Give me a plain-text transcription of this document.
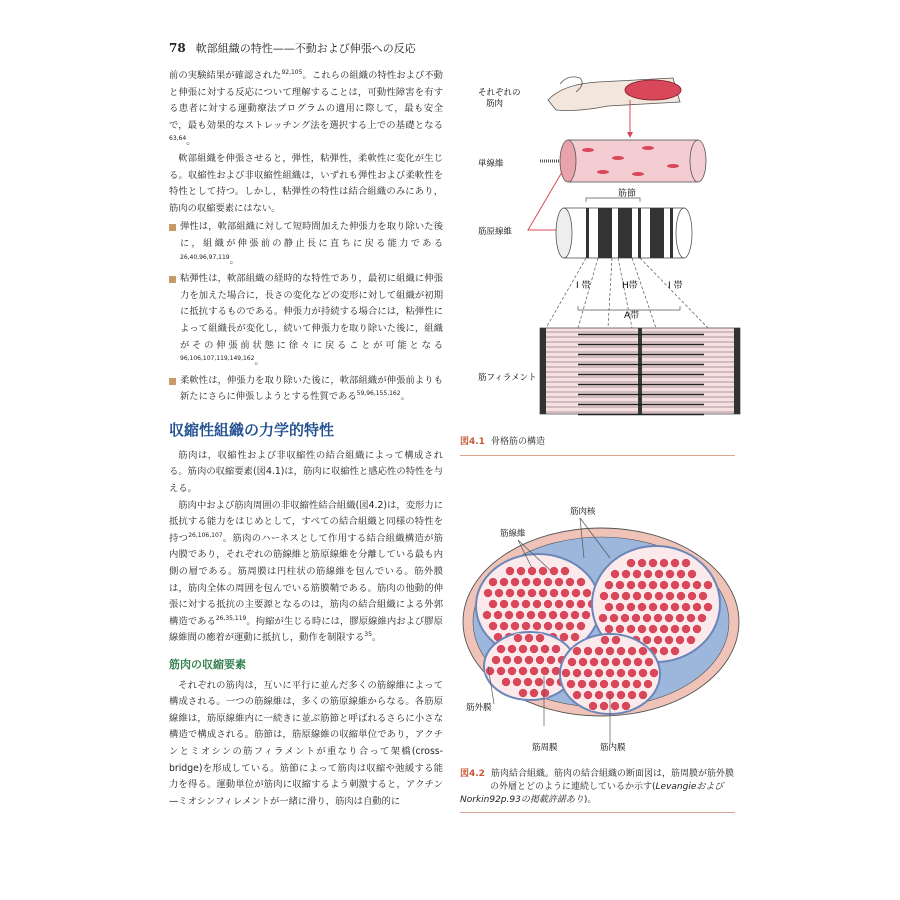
78 軟部組織の特性——不動および伸張への反応

前の実験結果が確認された$^{92,105}$。これらの組織の特性および不動と伸張に対する反応について理解することは，可動性障害を有する患者に対する運動療法プログラムの適用に際して，最も安全で，最も効果的なストレッチング法を選択する上での基礎となる$^{63,64}$。

軟部組織を伸張させると，弾性，粘弾性，柔軟性に変化が生じる。収縮性および非収縮性組織は，いずれも弾性および柔軟性を特性として持つ。しかし，粘弾性の特性は結合組織のみにあり，筋肉の収縮要素にはない。

弾性は，軟部組織に対して短時間加えた伸張力を取り除いた後に，組織が伸張前の静止長に直ちに戻る能力である$^{26,40,96,97,119}$。
粘弾性は，軟部組織の経時的な特性であり，最初に組織に伸張力を加えた場合に，長さの変化などの変形に対して組織が初期に抵抗するものである。伸張力が持続する場合には，粘弾性によって組織長が変化し，続いて伸張力を取り除いた後に，組織がその伸張前状態に徐々に戻ることが可能となる$^{96,106,107,119,149,162}$。
柔軟性は，伸張力を取り除いた後に，軟部組織が伸張前よりも新たにさらに伸張しようとする性質である$^{59,96,155,162}$。
収縮性組織の力学的特性

筋肉は，収縮性および非収縮性の結合組織によって構成される。筋肉の収縮要素(図4.1)は，筋肉に収縮性と感応性の特性を与える。

筋肉中および筋肉周囲の非収縮性結合組織(図4.2)は，変形力に抵抗する能力をはじめとして，すべての結合組織と同様の特性を持つ$^{26,106,107}$。筋肉のハーネスとして作用する結合組織構造が筋内膜であり，それぞれの筋線維と筋原線維を分離している最も内側の層である。筋周膜は円柱状の筋線維を包んでいる。筋外膜は，筋肉全体の周囲を包んでいる筋膜鞘である。筋肉の他動的伸張に対する抵抗の主要源となるのは，筋肉の結合組織による外郭構造である$^{26,35,119}$。拘縮が生じる時には，膠原線維内および膠原線維間の癒着が運動に抵抗し，動作を制限する$^{35}$。

筋肉の収縮要素

それぞれの筋肉は，互いに平行に並んだ多くの筋線維によって構成される。一つの筋線維は，多くの筋原線維からなる。各筋原線維は，筋原線維内に一続きに並ぶ筋節と呼ばれるさらに小さな構造で構成される。筋節は，筋原線維の収縮単位であり，アクチンとミオシンの筋フィラメントが重なり合って架橋(cross-bridge)を形成している。筋節によって筋肉は収縮や弛緩する能力を得る。運動単位が筋肉に収縮するよう刺激すると，アクチン—ミオシンフィレメントが一緒に滑り，筋肉は自動的に

筋節
I 帯	H帯	I 帯
A帯
それぞれの筋肉
単線維
筋原線維
筋フィラメント
図4.1 骨格筋の構造
筋線維
筋肉核
筋外膜
筋周膜	筋内膜
図4.2 筋肉結合組織。筋肉の結合組織の断面図は，筋周膜が筋外膜
の外層とどのように連続しているか示す(LevangieおよびNorkin92p.93の掲載許諾あり)。
